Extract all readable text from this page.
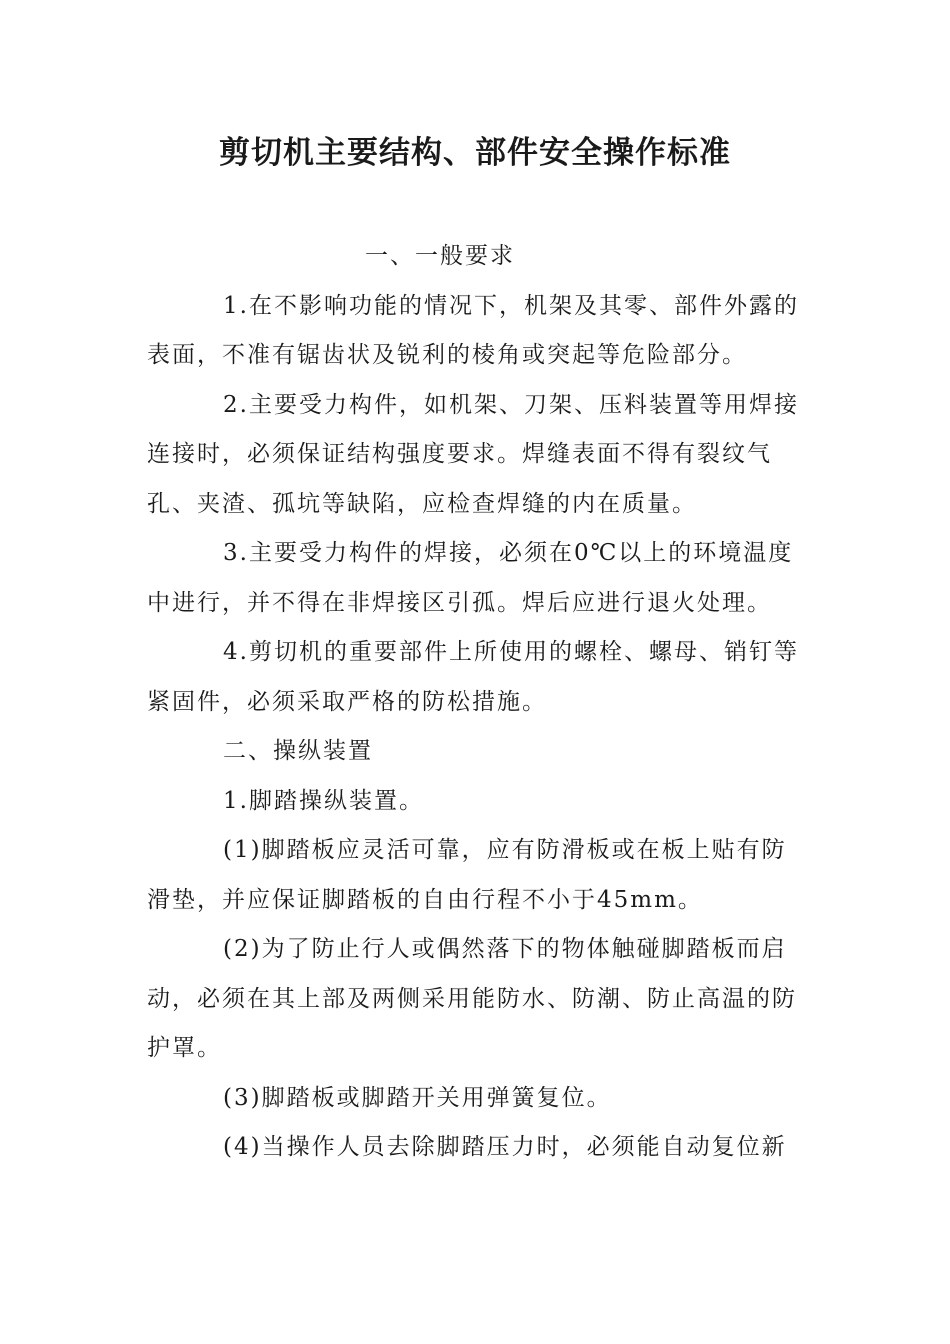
剪切机主要结构、部件安全操作标准

一、一般要求

1.在不影响功能的情况下，机架及其零、部件外露的表面，不准有锯齿状及锐利的棱角或突起等危险部分。

2.主要受力构件，如机架、刀架、压料装置等用焊接连接时，必须保证结构强度要求。焊缝表面不得有裂纹气孔、夹渣、孤坑等缺陷，应检查焊缝的内在质量。

3.主要受力构件的焊接，必须在0℃以上的环境温度中进行，并不得在非焊接区引孤。焊后应进行退火处理。

4.剪切机的重要部件上所使用的螺栓、螺母、销钉等紧固件，必须采取严格的防松措施。

二、操纵装置

1.脚踏操纵装置。

(1)脚踏板应灵活可靠，应有防滑板或在板上贴有防滑垫，并应保证脚踏板的自由行程不小于45mm。

(2)为了防止行人或偶然落下的物体触碰脚踏板而启动，必须在其上部及两侧采用能防水、防潮、防止高温的防护罩。

(3)脚踏板或脚踏开关用弹簧复位。

(4)当操作人员去除脚踏压力时，必须能自动复位新
